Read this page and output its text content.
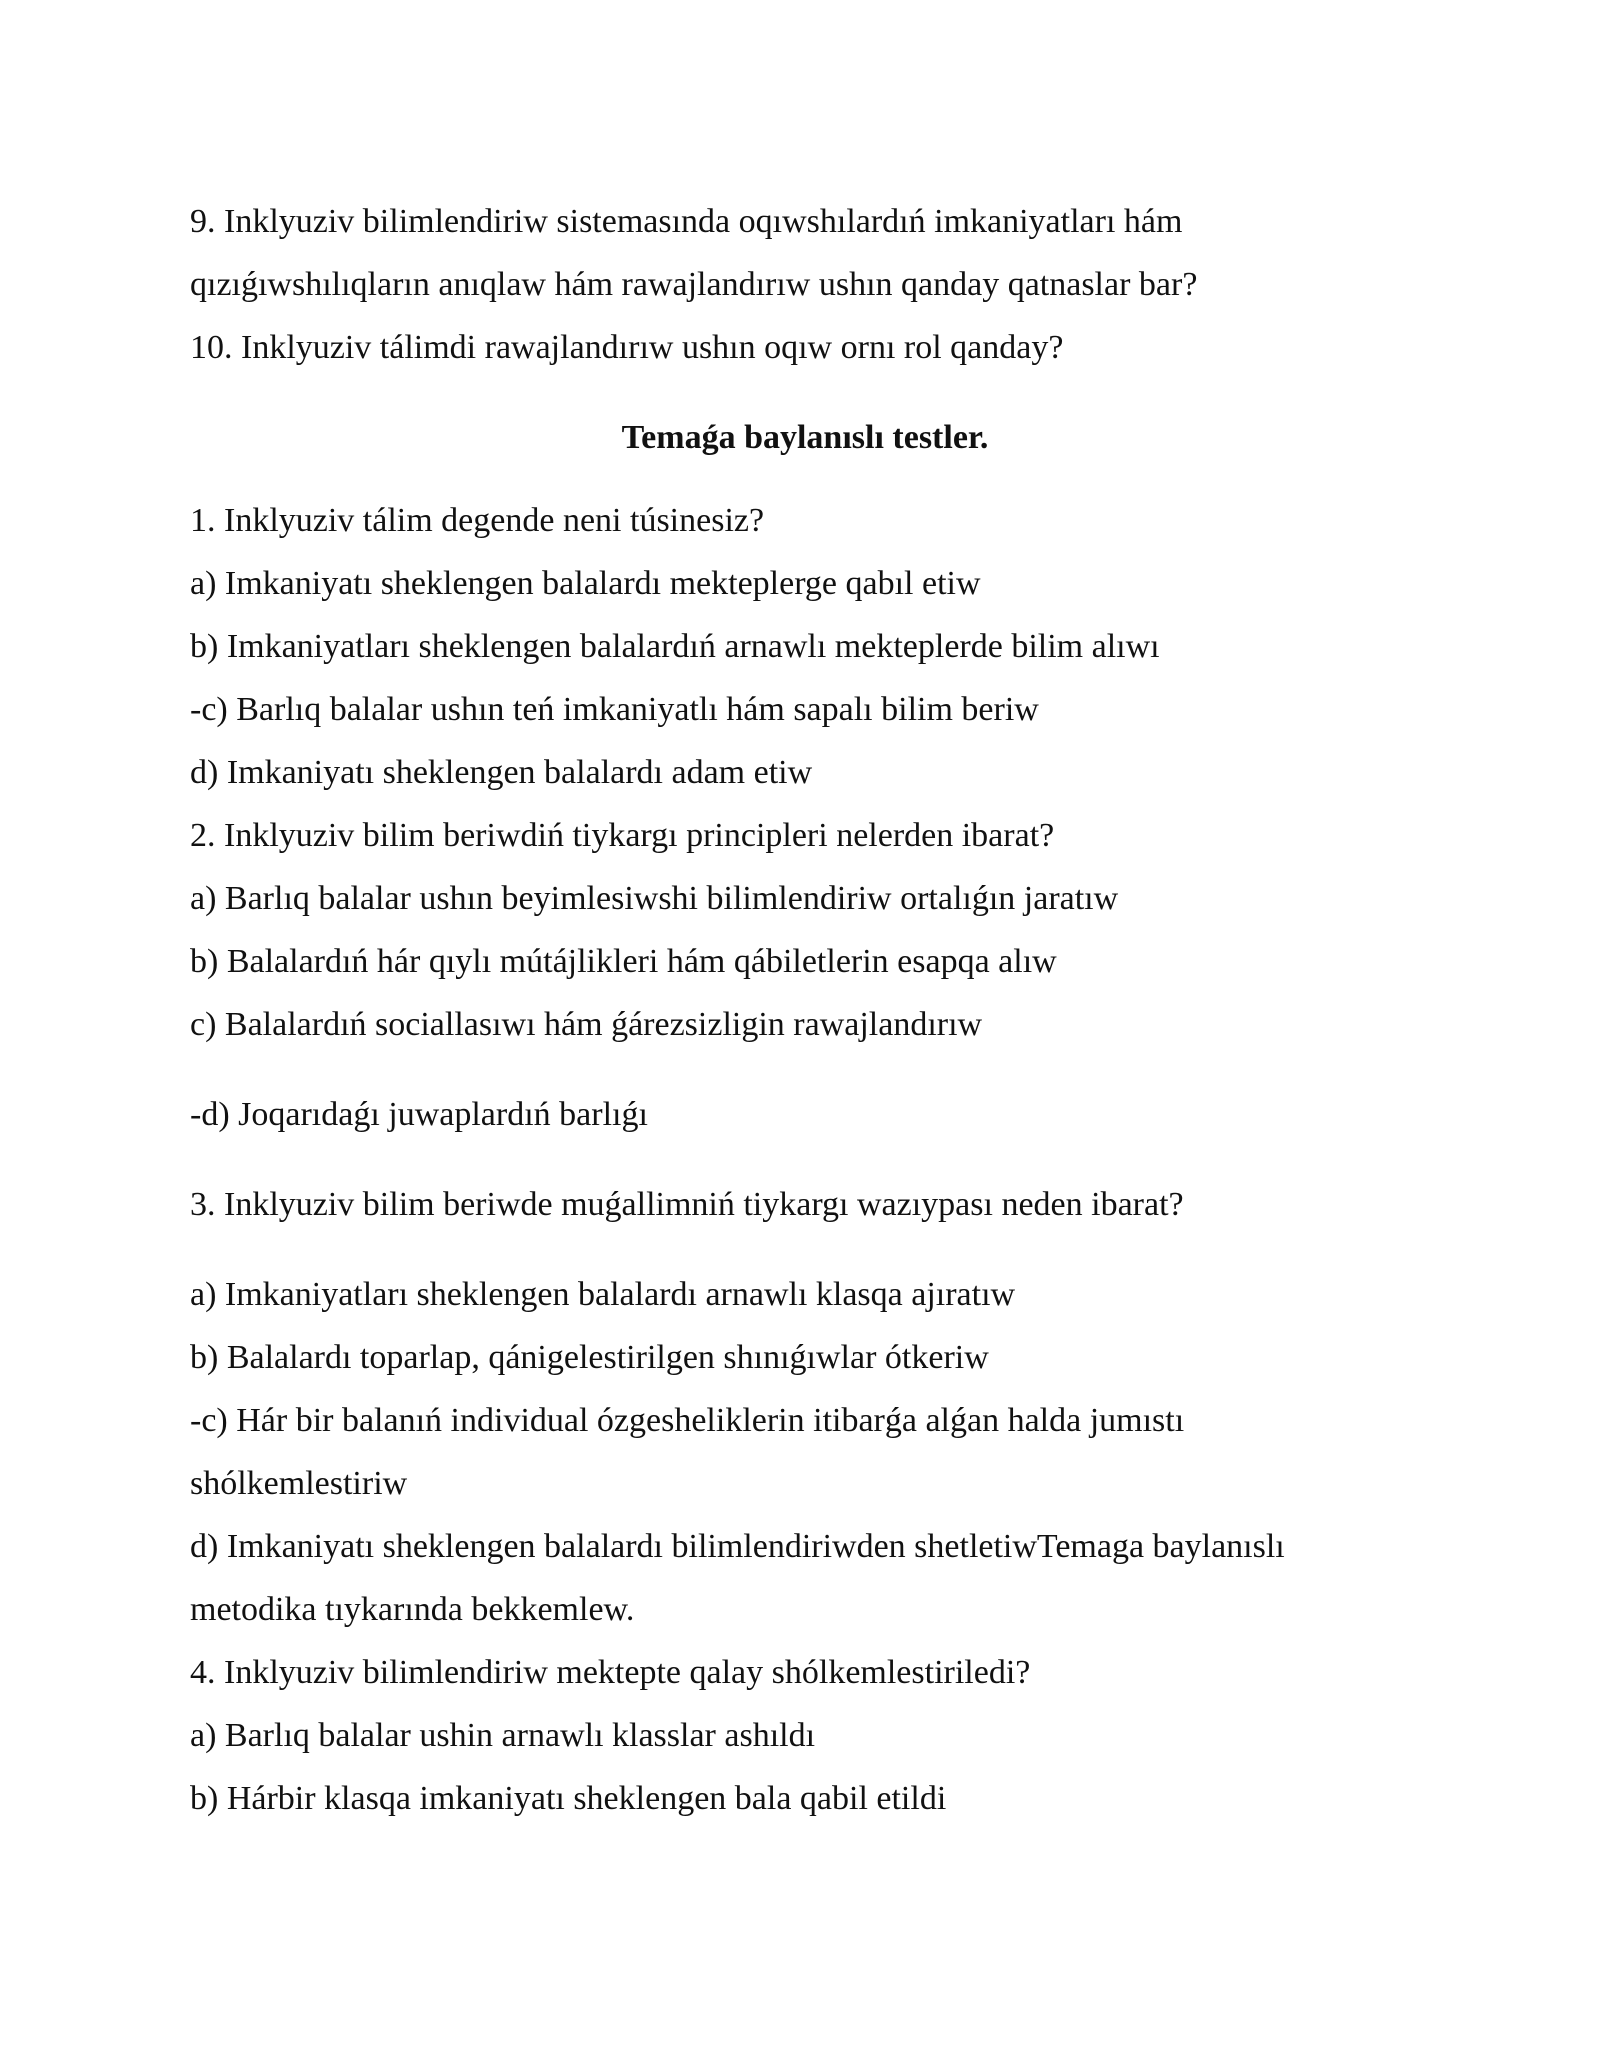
9. Inklyuziv bilimlendiriw sistemasında oqıwshılardıń imkaniyatları hám
qızıǵıwshılıqların anıqlaw hám rawajlandırıw ushın qanday qatnaslar bar?
10. Inklyuziv tálimdi rawajlandırıw ushın oqıw ornı rol qanday?
Temaǵa baylanıslı testler.
1. Inklyuziv tálim degende neni túsinesiz?
a) Imkaniyatı sheklengen balalardı mekteplerge qabıl etiw
b) Imkaniyatları sheklengen balalardıń arnawlı mekteplerde bilim alıwı
-c) Barlıq balalar ushın teń imkaniyatlı hám sapalı bilim beriw
d) Imkaniyatı sheklengen balalardı adam etiw
2. Inklyuziv bilim beriwdiń tiykargı principleri nelerden ibarat?
a) Barlıq balalar ushın beyimlesiwshi bilimlendiriw ortalıǵın jaratıw
b) Balalardıń hár qıylı mútájlikleri hám qábiletlerin esapqa alıw
c) Balalardıń sociallasıwı hám ǵárezsizligin rawajlandırıw
-d) Joqarıdaǵı juwaplardıń barlıǵı
3. Inklyuziv bilim beriwde muǵallimniń tiykargı wazıypası neden ibarat?
a) Imkaniyatları sheklengen balalardı arnawlı klasqa ajıratıw
b) Balalardı toparlap, qánigelestirilgen shınıǵıwlar ótkeriw
-c) Hár bir balanıń individual ózgesheliklerin itibarǵa alǵan halda jumıstı
shólkemlestiriw
d) Imkaniyatı sheklengen balalardı bilimlendiriwden shetletiwTemaga baylanıslı
metodika tıykarında bekkemlew.
4. Inklyuziv bilimlendiriw mektepte qalay shólkemlestiriledi?
a) Barlıq balalar ushin arnawlı klasslar ashıldı
b) Hárbir klasqa imkaniyatı sheklengen bala qabil etildi
